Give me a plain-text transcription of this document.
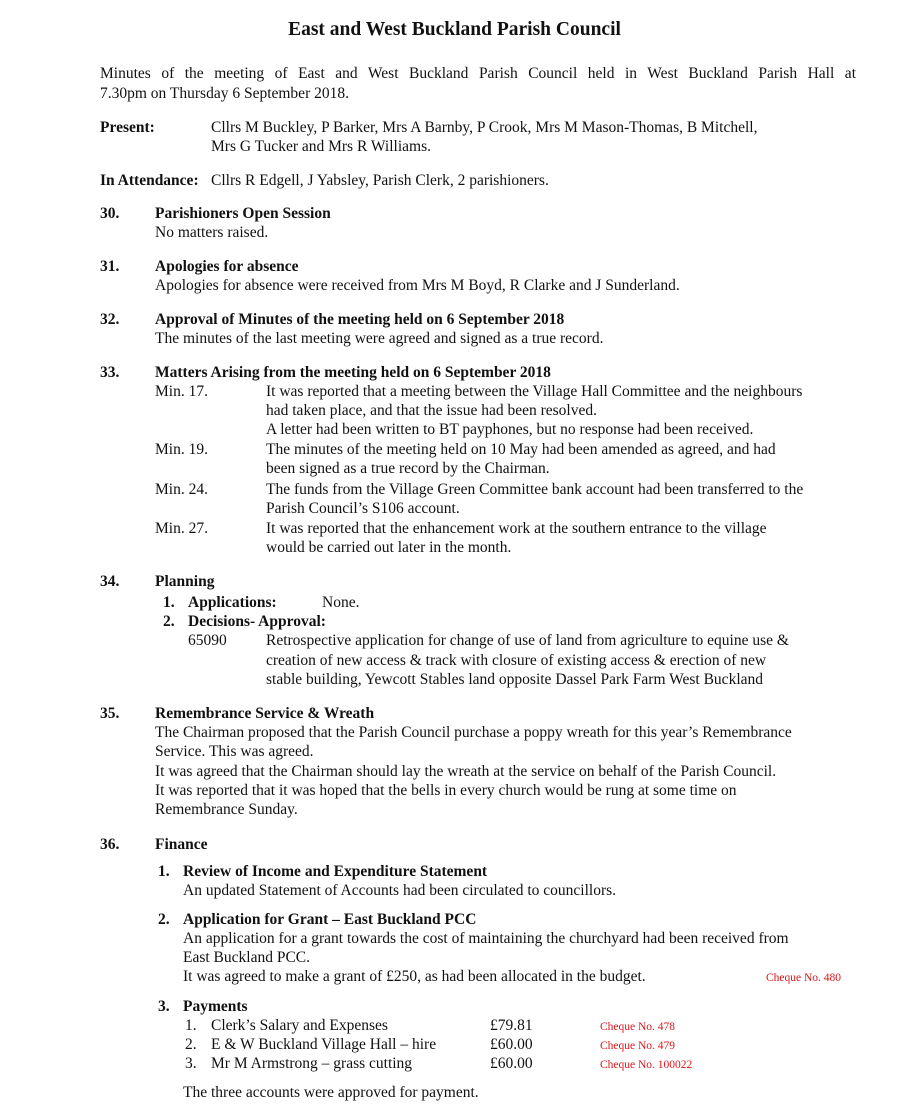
East and West Buckland Parish Council
Minutes of the meeting of East and West Buckland Parish Council held in West Buckland Parish Hall at
7.30pm on Thursday 6 September 2018.
Present:	Cllrs M Buckley, P Barker, Mrs A Barnby, P Crook, Mrs M Mason-Thomas, B Mitchell,
Mrs G Tucker and Mrs R Williams.
In Attendance: Cllrs R Edgell, J Yabsley, Parish Clerk, 2 parishioners.
30. Parishioners Open Session
No matters raised.
31. Apologies for absence
Apologies for absence were received from Mrs M Boyd, R Clarke and J Sunderland.
32. Approval of Minutes of the meeting held on 6 September 2018
The minutes of the last meeting were agreed and signed as a true record.
33. Matters Arising from the meeting held on 6 September 2018
Min. 17.	It was reported that a meeting between the Village Hall Committee and the neighbours
had taken place, and that the issue had been resolved.
A letter had been written to BT payphones, but no response had been received.
Min. 19.	The minutes of the meeting held on 10 May had been amended as agreed, and had
been signed as a true record by the Chairman.
Min. 24.	The funds from the Village Green Committee bank account had been transferred to the
Parish Council’s S106 account.
Min. 27.	It was reported that the enhancement work at the southern entrance to the village
would be carried out later in the month.
34. Planning
1. Applications:	None.
2. Decisions- Approval:
65090	Retrospective application for change of use of land from agriculture to equine use &
creation of new access & track with closure of existing access & erection of new
stable building, Yewcott Stables land opposite Dassel Park Farm West Buckland
35. Remembrance Service & Wreath
The Chairman proposed that the Parish Council purchase a poppy wreath for this year’s Remembrance
Service. This was agreed.
It was agreed that the Chairman should lay the wreath at the service on behalf of the Parish Council.
It was reported that it was hoped that the bells in every church would be rung at some time on
Remembrance Sunday.
36. Finance
1. Review of Income and Expenditure Statement
An updated Statement of Accounts had been circulated to councillors.
2. Application for Grant – East Buckland PCC
An application for a grant towards the cost of maintaining the churchyard had been received from
East Buckland PCC.
It was agreed to make a grant of £250, as had been allocated in the budget.	Cheque No. 480
3. Payments
1. Clerk’s Salary and Expenses	£79.81	Cheque No. 478
2. E & W Buckland Village Hall – hire	£60.00	Cheque No. 479
3. Mr M Armstrong – grass cutting	£60.00	Cheque No. 100022
The three accounts were approved for payment.
